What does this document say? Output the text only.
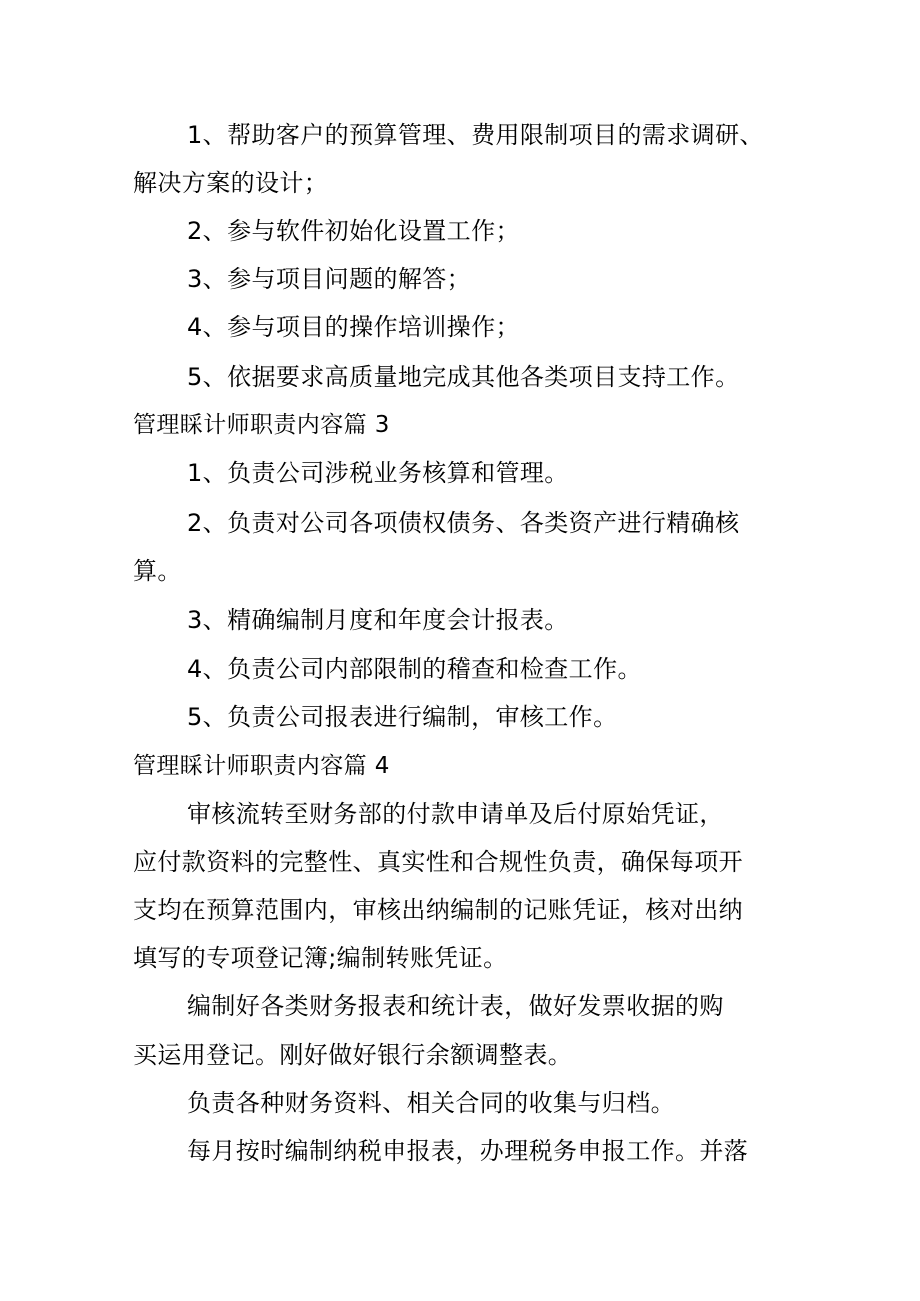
1、帮助客户的预算管理、费用限制项目的需求调研、
解决方案的设计；
2、参与软件初始化设置工作；
3、参与项目问题的解答；
4、参与项目的操作培训操作；
5、依据要求高质量地完成其他各类项目支持工作。
管理睬计师职责内容篇 3
1、负责公司涉税业务核算和管理。
2、负责对公司各项债权债务、各类资产进行精确核
算。
3、精确编制月度和年度会计报表。
4、负责公司内部限制的稽查和检查工作。
5、负责公司报表进行编制，审核工作。
管理睬计师职责内容篇 4
审核流转至财务部的付款申请单及后付原始凭证，
应付款资料的完整性、真实性和合规性负责，确保每项开
支均在预算范围内，审核出纳编制的记账凭证，核对出纳
填写的专项登记簿;编制转账凭证。
编制好各类财务报表和统计表，做好发票收据的购
买运用登记。刚好做好银行余额调整表。
负责各种财务资料、相关合同的收集与归档。
每月按时编制纳税申报表，办理税务申报工作。并落
